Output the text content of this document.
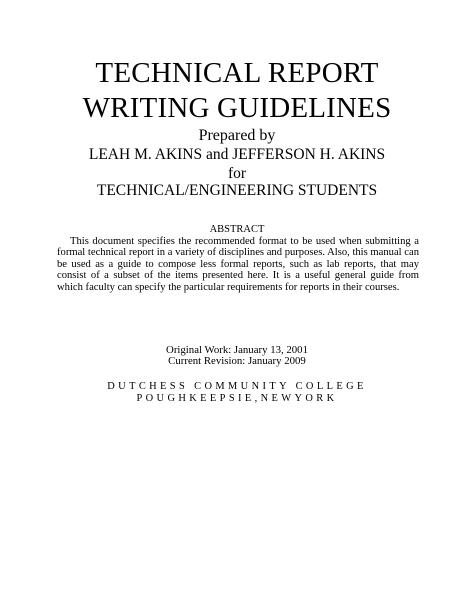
TECHNICAL REPORT
WRITING GUIDELINES
Prepared by
LEAH M. AKINS and JEFFERSON H. AKINS
for
TECHNICAL/ENGINEERING STUDENTS
ABSTRACT
This document specifies the recommended format to be used when submitting a formal technical report in a variety of disciplines and purposes. Also, this manual can be used as a guide to compose less formal reports, such as lab reports, that may consist of a subset of the items presented here. It is a useful general guide from which faculty can specify the particular requirements for reports in their courses.
Original Work: January 13, 2001
Current Revision: January 2009
DUTCHESS COMMUNITY COLLEGE
POUGHKEEPSIE,NEWYORK
